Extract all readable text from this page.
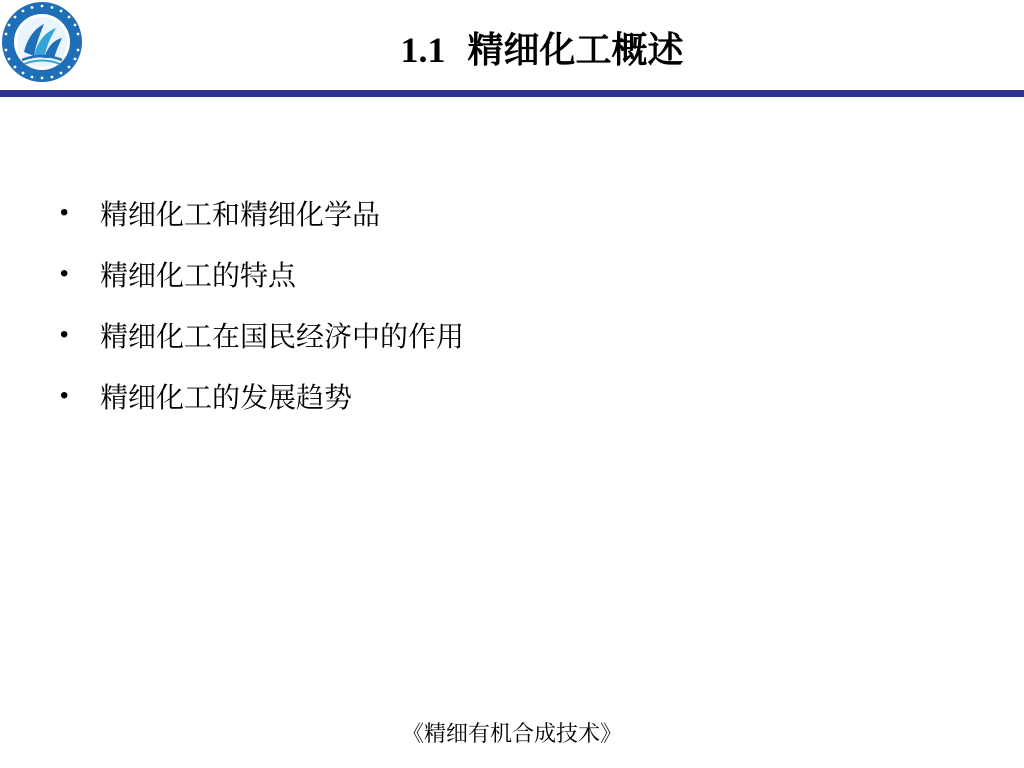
1.1 精细化工概述
•	精细化工和精细化学品
•	精细化工的特点
•	精细化工在国民经济中的作用
•	精细化工的发展趋势
《精细有机合成技术》
